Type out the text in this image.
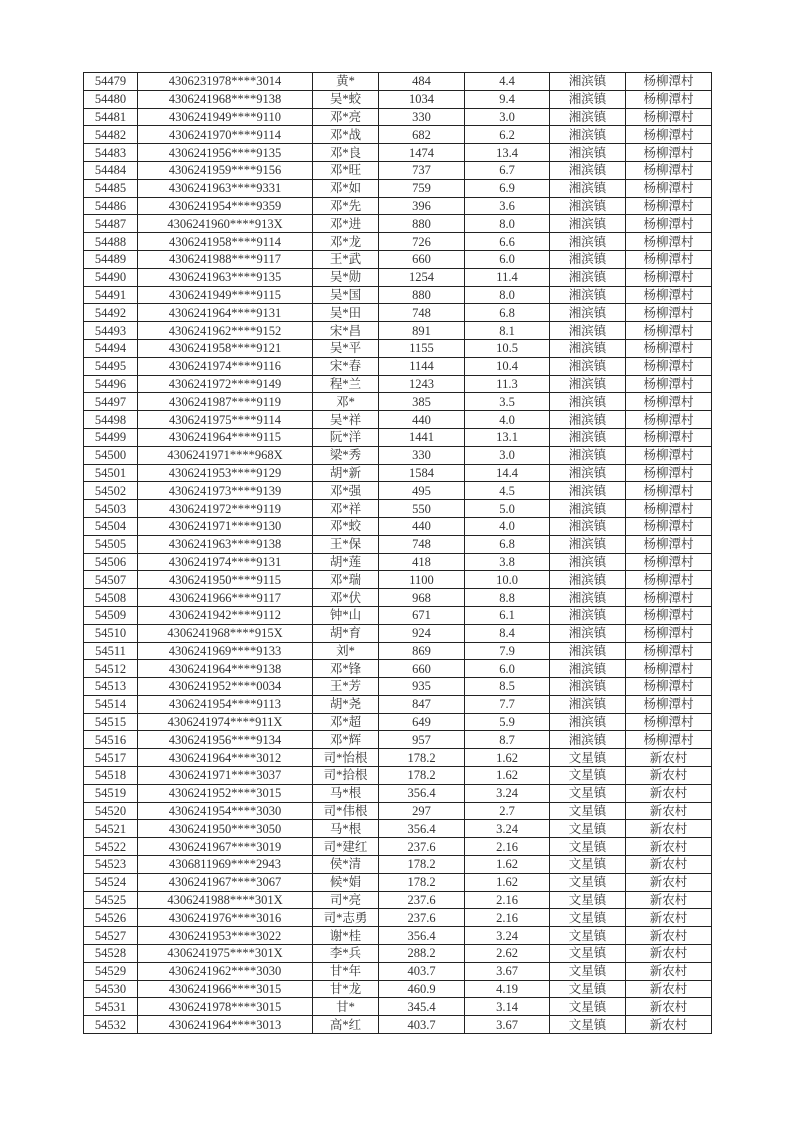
54479	4306231978****3014	黄*	484	4.4	湘滨镇	杨柳潭村
54480	4306241968****9138	吴*蛟	1034	9.4	湘滨镇	杨柳潭村
54481	4306241949****9110	邓*亮	330	3.0	湘滨镇	杨柳潭村
54482	4306241970****9114	邓*战	682	6.2	湘滨镇	杨柳潭村
54483	4306241956****9135	邓*良	1474	13.4	湘滨镇	杨柳潭村
54484	4306241959****9156	邓*旺	737	6.7	湘滨镇	杨柳潭村
54485	4306241963****9331	邓*如	759	6.9	湘滨镇	杨柳潭村
54486	4306241954****9359	邓*先	396	3.6	湘滨镇	杨柳潭村
54487	4306241960****913X	邓*进	880	8.0	湘滨镇	杨柳潭村
54488	4306241958****9114	邓*龙	726	6.6	湘滨镇	杨柳潭村
54489	4306241988****9117	王*武	660	6.0	湘滨镇	杨柳潭村
54490	4306241963****9135	吴*勋	1254	11.4	湘滨镇	杨柳潭村
54491	4306241949****9115	吴*国	880	8.0	湘滨镇	杨柳潭村
54492	4306241964****9131	吴*田	748	6.8	湘滨镇	杨柳潭村
54493	4306241962****9152	宋*昌	891	8.1	湘滨镇	杨柳潭村
54494	4306241958****9121	吴*平	1155	10.5	湘滨镇	杨柳潭村
54495	4306241974****9116	宋*春	1144	10.4	湘滨镇	杨柳潭村
54496	4306241972****9149	程*兰	1243	11.3	湘滨镇	杨柳潭村
54497	4306241987****9119	邓*	385	3.5	湘滨镇	杨柳潭村
54498	4306241975****9114	吴*祥	440	4.0	湘滨镇	杨柳潭村
54499	4306241964****9115	阮*洋	1441	13.1	湘滨镇	杨柳潭村
54500	4306241971****968X	梁*秀	330	3.0	湘滨镇	杨柳潭村
54501	4306241953****9129	胡*新	1584	14.4	湘滨镇	杨柳潭村
54502	4306241973****9139	邓*强	495	4.5	湘滨镇	杨柳潭村
54503	4306241972****9119	邓*祥	550	5.0	湘滨镇	杨柳潭村
54504	4306241971****9130	邓*蛟	440	4.0	湘滨镇	杨柳潭村
54505	4306241963****9138	王*保	748	6.8	湘滨镇	杨柳潭村
54506	4306241974****9131	胡*莲	418	3.8	湘滨镇	杨柳潭村
54507	4306241950****9115	邓*瑞	1100	10.0	湘滨镇	杨柳潭村
54508	4306241966****9117	邓*伏	968	8.8	湘滨镇	杨柳潭村
54509	4306241942****9112	钟*山	671	6.1	湘滨镇	杨柳潭村
54510	4306241968****915X	胡*育	924	8.4	湘滨镇	杨柳潭村
54511	4306241969****9133	刘*	869	7.9	湘滨镇	杨柳潭村
54512	4306241964****9138	邓*锋	660	6.0	湘滨镇	杨柳潭村
54513	4306241952****0034	王*芳	935	8.5	湘滨镇	杨柳潭村
54514	4306241954****9113	胡*尧	847	7.7	湘滨镇	杨柳潭村
54515	4306241974****911X	邓*超	649	5.9	湘滨镇	杨柳潭村
54516	4306241956****9134	邓*辉	957	8.7	湘滨镇	杨柳潭村
54517	4306241964****3012	司*怡根	178.2	1.62	文星镇	新农村
54518	4306241971****3037	司*拾根	178.2	1.62	文星镇	新农村
54519	4306241952****3015	马*根	356.4	3.24	文星镇	新农村
54520	4306241954****3030	司*伟根	297	2.7	文星镇	新农村
54521	4306241950****3050	马*根	356.4	3.24	文星镇	新农村
54522	4306241967****3019	司*建红	237.6	2.16	文星镇	新农村
54523	4306811969****2943	侯*清	178.2	1.62	文星镇	新农村
54524	4306241967****3067	候*娟	178.2	1.62	文星镇	新农村
54525	4306241988****301X	司*亮	237.6	2.16	文星镇	新农村
54526	4306241976****3016	司*志勇	237.6	2.16	文星镇	新农村
54527	4306241953****3022	谢*桂	356.4	3.24	文星镇	新农村
54528	4306241975****301X	李*兵	288.2	2.62	文星镇	新农村
54529	4306241962****3030	甘*年	403.7	3.67	文星镇	新农村
54530	4306241966****3015	甘*龙	460.9	4.19	文星镇	新农村
54531	4306241978****3015	甘*	345.4	3.14	文星镇	新农村
54532	4306241964****3013	高*红	403.7	3.67	文星镇	新农村
